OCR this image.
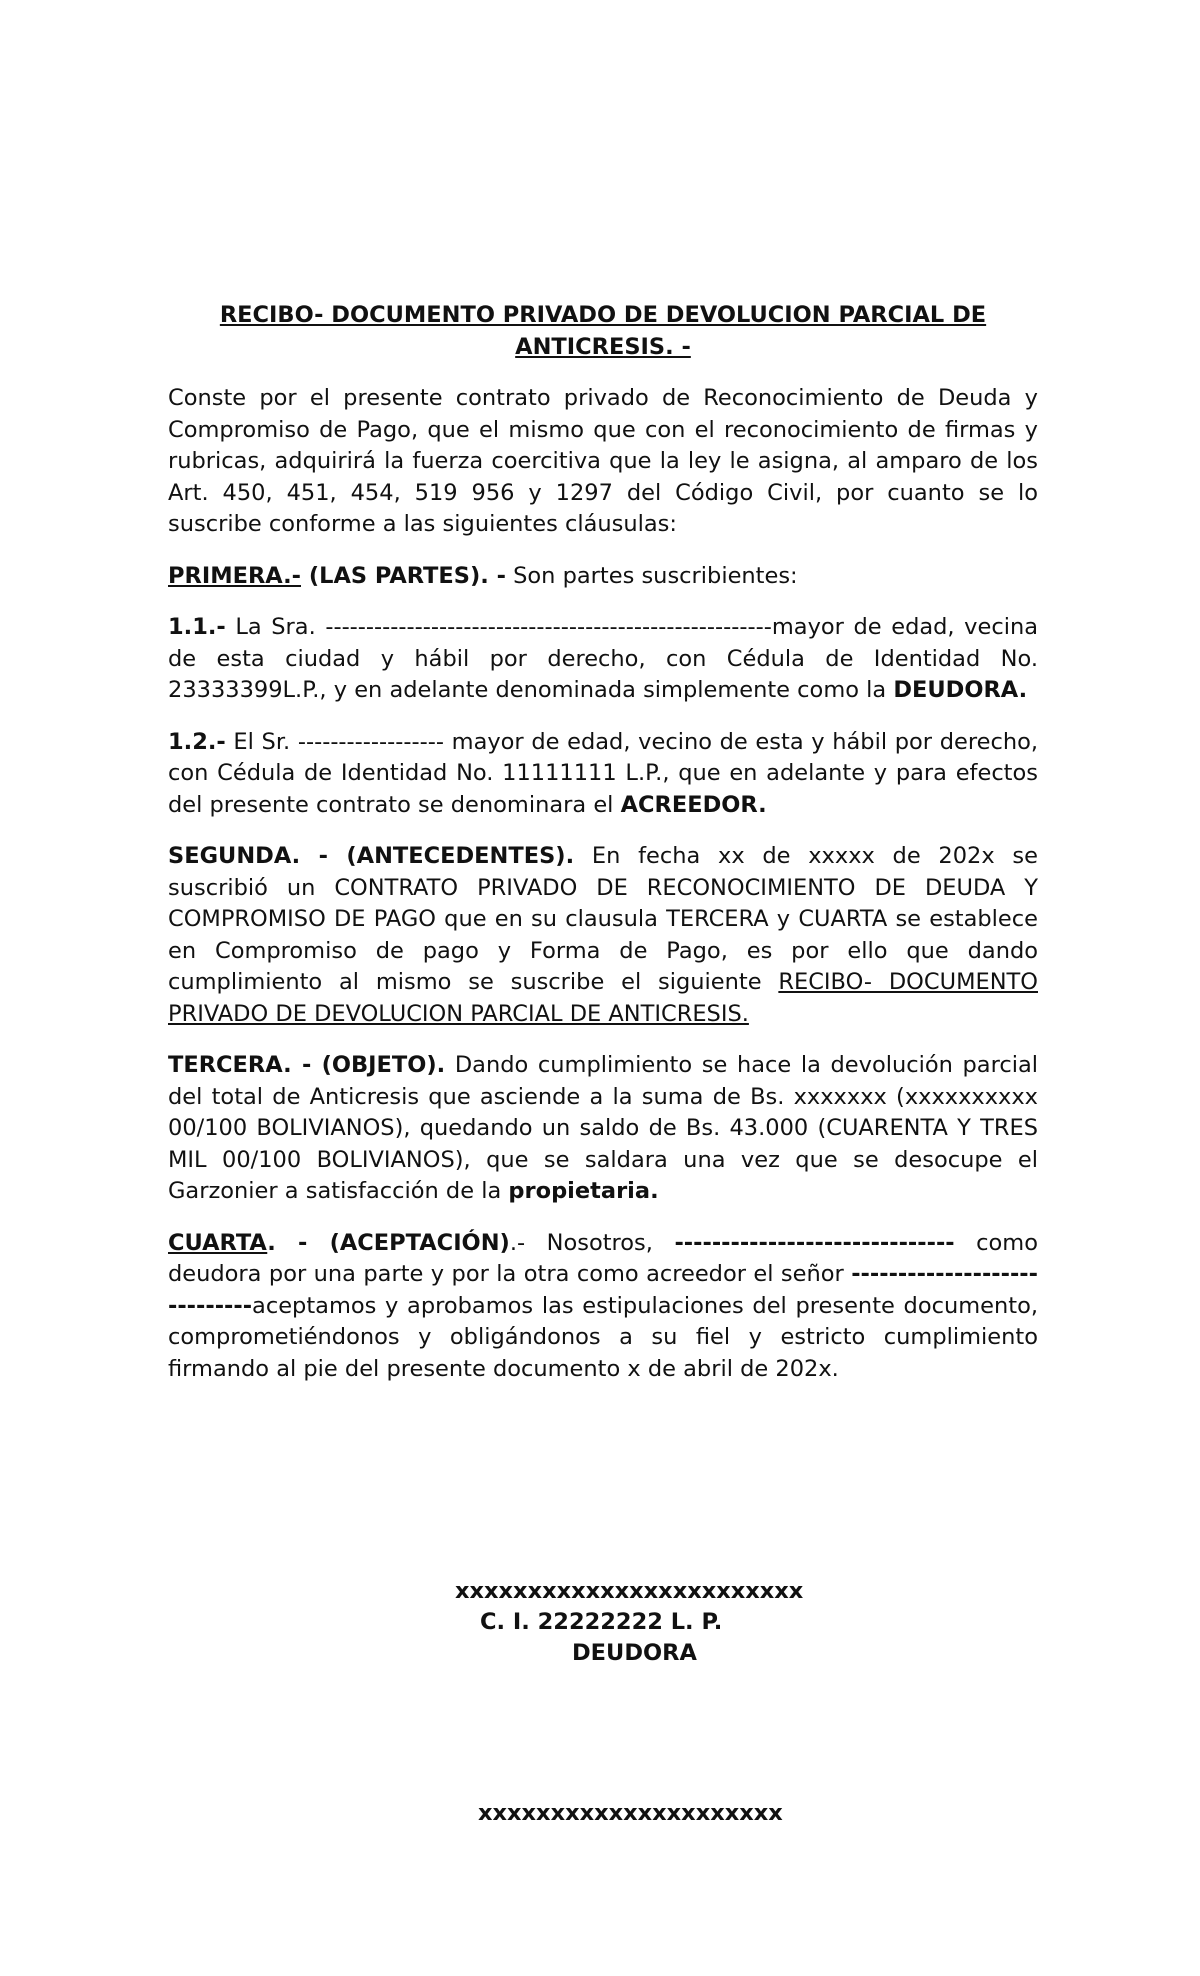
RECIBO- DOCUMENTO PRIVADO DE DEVOLUCION PARCIAL DE
ANTICRESIS. -

Conste por el presente contrato privado de Reconocimiento de Deuda y Compromiso de Pago, que el mismo que con el reconocimiento de firmas y rubricas, adquirirá la fuerza coercitiva que la ley le asigna, al amparo de los Art. 450, 451, 454, 519 956 y 1297 del Código Civil, por cuanto se lo suscribe conforme a las siguientes cláusulas:

PRIMERA.- (LAS PARTES). - Son partes suscribientes:

1.1.- La Sra. -------------------------------------------------------mayor de edad, vecina de esta ciudad y hábil por derecho, con Cédula de Identidad No. 23333399L.P., y en adelante denominada simplemente como la DEUDORA.

1.2.- El Sr. ------------------ mayor de edad, vecino de esta y hábil por derecho, con Cédula de Identidad No. 11111111 L.P., que en adelante y para efectos del presente contrato se denominara el ACREEDOR.

SEGUNDA. - (ANTECEDENTES). En fecha xx de xxxxx de 202x se suscribió un CONTRATO PRIVADO DE RECONOCIMIENTO DE DEUDA Y COMPROMISO DE PAGO que en su clausula TERCERA y CUARTA se establece en Compromiso de pago y Forma de Pago, es por ello que dando cumplimiento al mismo se suscribe el siguiente RECIBO- DOCUMENTO PRIVADO DE DEVOLUCION PARCIAL DE ANTICRESIS.

TERCERA. - (OBJETO). Dando cumplimiento se hace la devolución parcial del total de Anticresis que asciende a la suma de Bs. xxxxxxx (xxxxxxxxxx 00/100 BOLIVIANOS), quedando un saldo de Bs. 43.000 (CUARENTA Y TRES MIL 00/100 BOLIVIANOS), que se saldara una vez que se desocupe el Garzonier a satisfacción de la propietaria.

CUARTA. - (ACEPTACIÓN).- Nosotros, ------------------------------ como deudora por una parte y por la otra como acreedor el señor -----------------------------aceptamos y aprobamos las estipulaciones del presente documento, comprometiéndonos y obligándonos a su fiel y estricto cumplimiento firmando al pie del presente documento x de abril de 202x.

xxxxxxxxxxxxxxxxxxxxxxxx
C. I. 22222222 L. P.
DEUDORA
xxxxxxxxxxxxxxxxxxxxx
